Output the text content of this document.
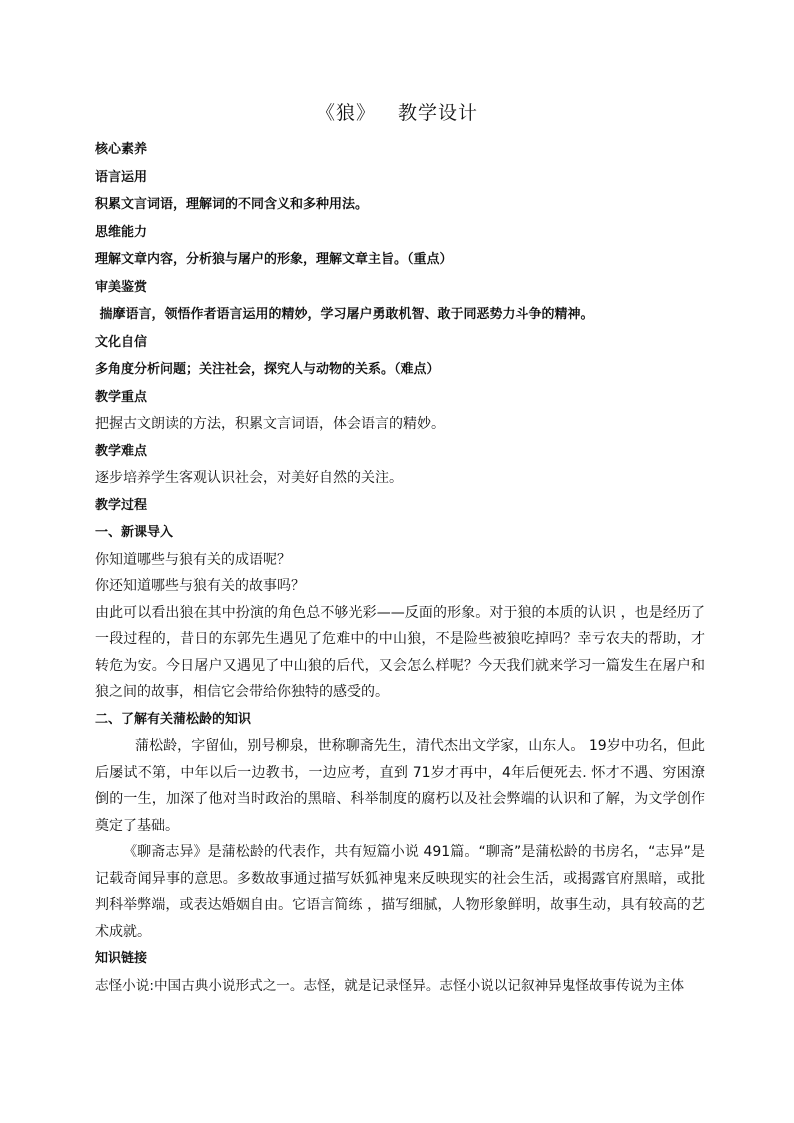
《狼》 教学设计

核心素养

语言运用

积累文言词语，理解词的不同含义和多种用法。

思维能力

理解文章内容，分析狼与屠户的形象，理解文章主旨。（重点）

审美鉴赏

揣摩语言，领悟作者语言运用的精妙，学习屠户勇敢机智、敢于同恶势力斗争的精神。

文化自信

多角度分析问题；关注社会，探究人与动物的关系。（难点）

教学重点

把握古文朗读的方法，积累文言词语，体会语言的精妙。

教学难点

逐步培养学生客观认识社会，对美好自然的关注。

教学过程

一、新课导入

你知道哪些与狼有关的成语呢？

你还知道哪些与狼有关的故事吗？

由此可以看出狼在其中扮演的角色总不够光彩——反面的形象。对于狼的本质的认识 ，也是经历了一段过程的，昔日的东郭先生遇见了危难中的中山狼，不是险些被狼吃掉吗？幸亏农夫的帮助，才转危为安。今日屠户又遇见了中山狼的后代，又会怎么样呢？今天我们就来学习一篇发生在屠户和狼之间的故事，相信它会带给你独特的感受的。

二、了解有关蒲松龄的知识

蒲松龄，字留仙，别号柳泉，世称聊斋先生，清代杰出文学家，山东人。 19岁中功名，但此后屡试不第，中年以后一边教书，一边应考，直到 71岁才再中，4年后便死去. 怀才不遇、穷困潦倒的一生，加深了他对当时政治的黑暗、科举制度的腐朽以及社会弊端的认识和了解，为文学创作奠定了基础。

《聊斋志异》是蒲松龄的代表作，共有短篇小说 491篇。“聊斋”是蒲松龄的书房名，“志异”是记载奇闻异事的意思。多数故事通过描写妖狐神鬼来反映现实的社会生活，或揭露官府黑暗，或批判科举弊端，或表达婚姻自由。它语言简练 ，描写细腻，人物形象鲜明，故事生动，具有较高的艺术成就。

知识链接

志怪小说:中国古典小说形式之一。志怪，就是记录怪异。志怪小说以记叙神异鬼怪故事传说为主体
